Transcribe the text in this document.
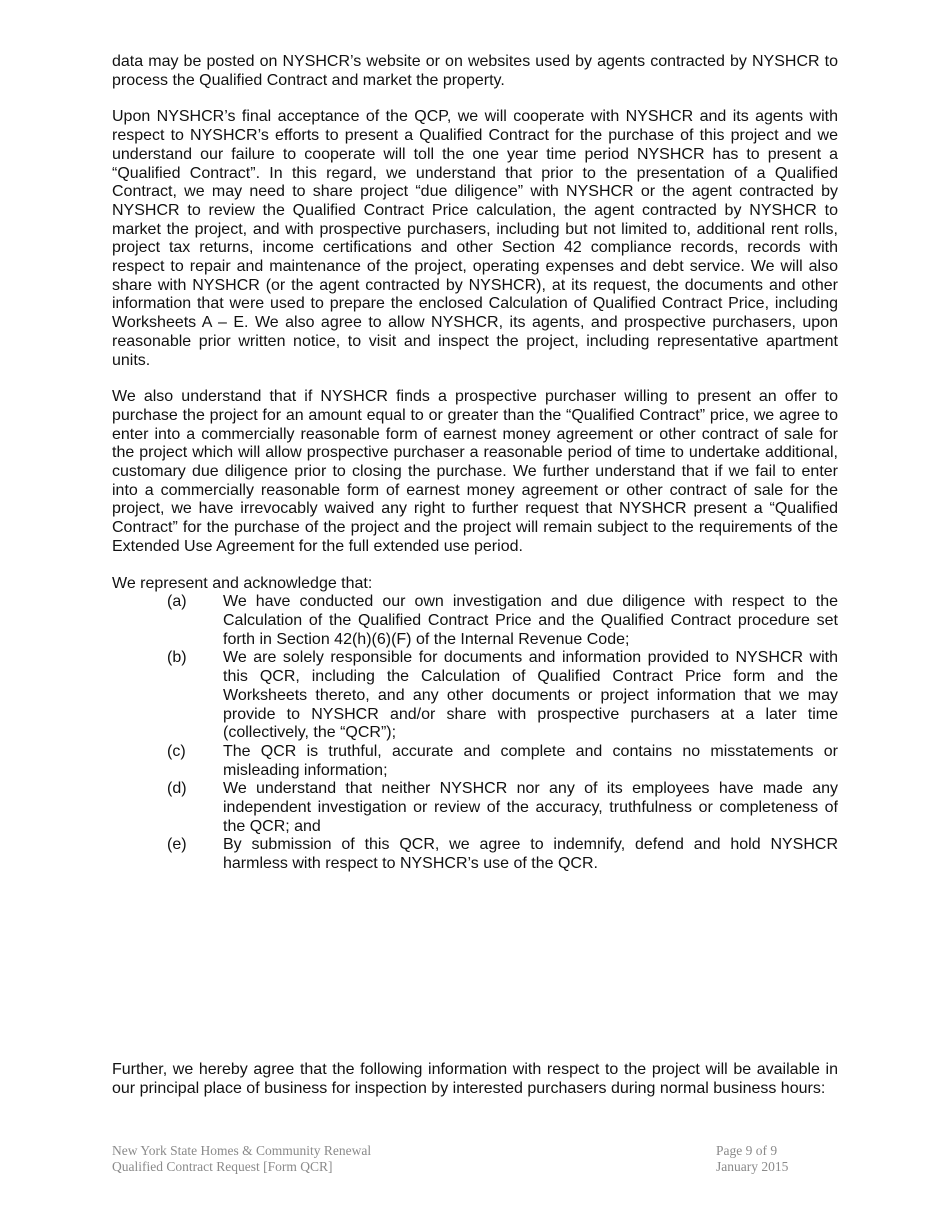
data may be posted on NYSHCR’s website or on websites used by agents contracted by NYSHCR to process the Qualified Contract and market the property.

Upon NYSHCR’s final acceptance of the QCP, we will cooperate with NYSHCR and its agents with respect to NYSHCR’s efforts to present a Qualified Contract for the purchase of this project and we understand our failure to cooperate will toll the one year time period NYSHCR has to present a “Qualified Contract”. In this regard, we understand that prior to the presentation of a Qualified Contract, we may need to share project “due diligence” with NYSHCR or the agent contracted by NYSHCR to review the Qualified Contract Price calculation, the agent contracted by NYSHCR to market the project, and with prospective purchasers, including but not limited to, additional rent rolls, project tax returns, income certifications and other Section 42 compliance records, records with respect to repair and maintenance of the project, operating expenses and debt service. We will also share with NYSHCR (or the agent contracted by NYSHCR), at its request, the documents and other information that were used to prepare the enclosed Calculation of Qualified Contract Price, including Worksheets A – E. We also agree to allow NYSHCR, its agents, and prospective purchasers, upon reasonable prior written notice, to visit and inspect the project, including representative apartment units.

We also understand that if NYSHCR finds a prospective purchaser willing to present an offer to purchase the project for an amount equal to or greater than the “Qualified Contract” price, we agree to enter into a commercially reasonable form of earnest money agreement or other contract of sale for the project which will allow prospective purchaser a reasonable period of time to undertake additional, customary due diligence prior to closing the purchase. We further understand that if we fail to enter into a commercially reasonable form of earnest money agreement or other contract of sale for the project, we have irrevocably waived any right to further request that NYSHCR present a “Qualified Contract” for the purchase of the project and the project will remain subject to the requirements of the Extended Use Agreement for the full extended use period.

We represent and acknowledge that:

(a) We have conducted our own investigation and due diligence with respect to the Calculation of the Qualified Contract Price and the Qualified Contract procedure set forth in Section 42(h)(6)(F) of the Internal Revenue Code;
(b) We are solely responsible for documents and information provided to NYSHCR with this QCR, including the Calculation of Qualified Contract Price form and the Worksheets thereto, and any other documents or project information that we may provide to NYSHCR and/or share with prospective purchasers at a later time (collectively, the “QCR”);
(c) The QCR is truthful, accurate and complete and contains no misstatements or misleading information;
(d) We understand that neither NYSHCR nor any of its employees have made any independent investigation or review of the accuracy, truthfulness or completeness of the QCR; and
(e) By submission of this QCR, we agree to indemnify, defend and hold NYSHCR harmless with respect to NYSHCR’s use of the QCR.

Further, we hereby agree that the following information with respect to the project will be available in our principal place of business for inspection by interested purchasers during normal business hours:

New York State Homes & Community Renewal
Qualified Contract Request [Form QCR]
Page 9 of 9
January 2015
